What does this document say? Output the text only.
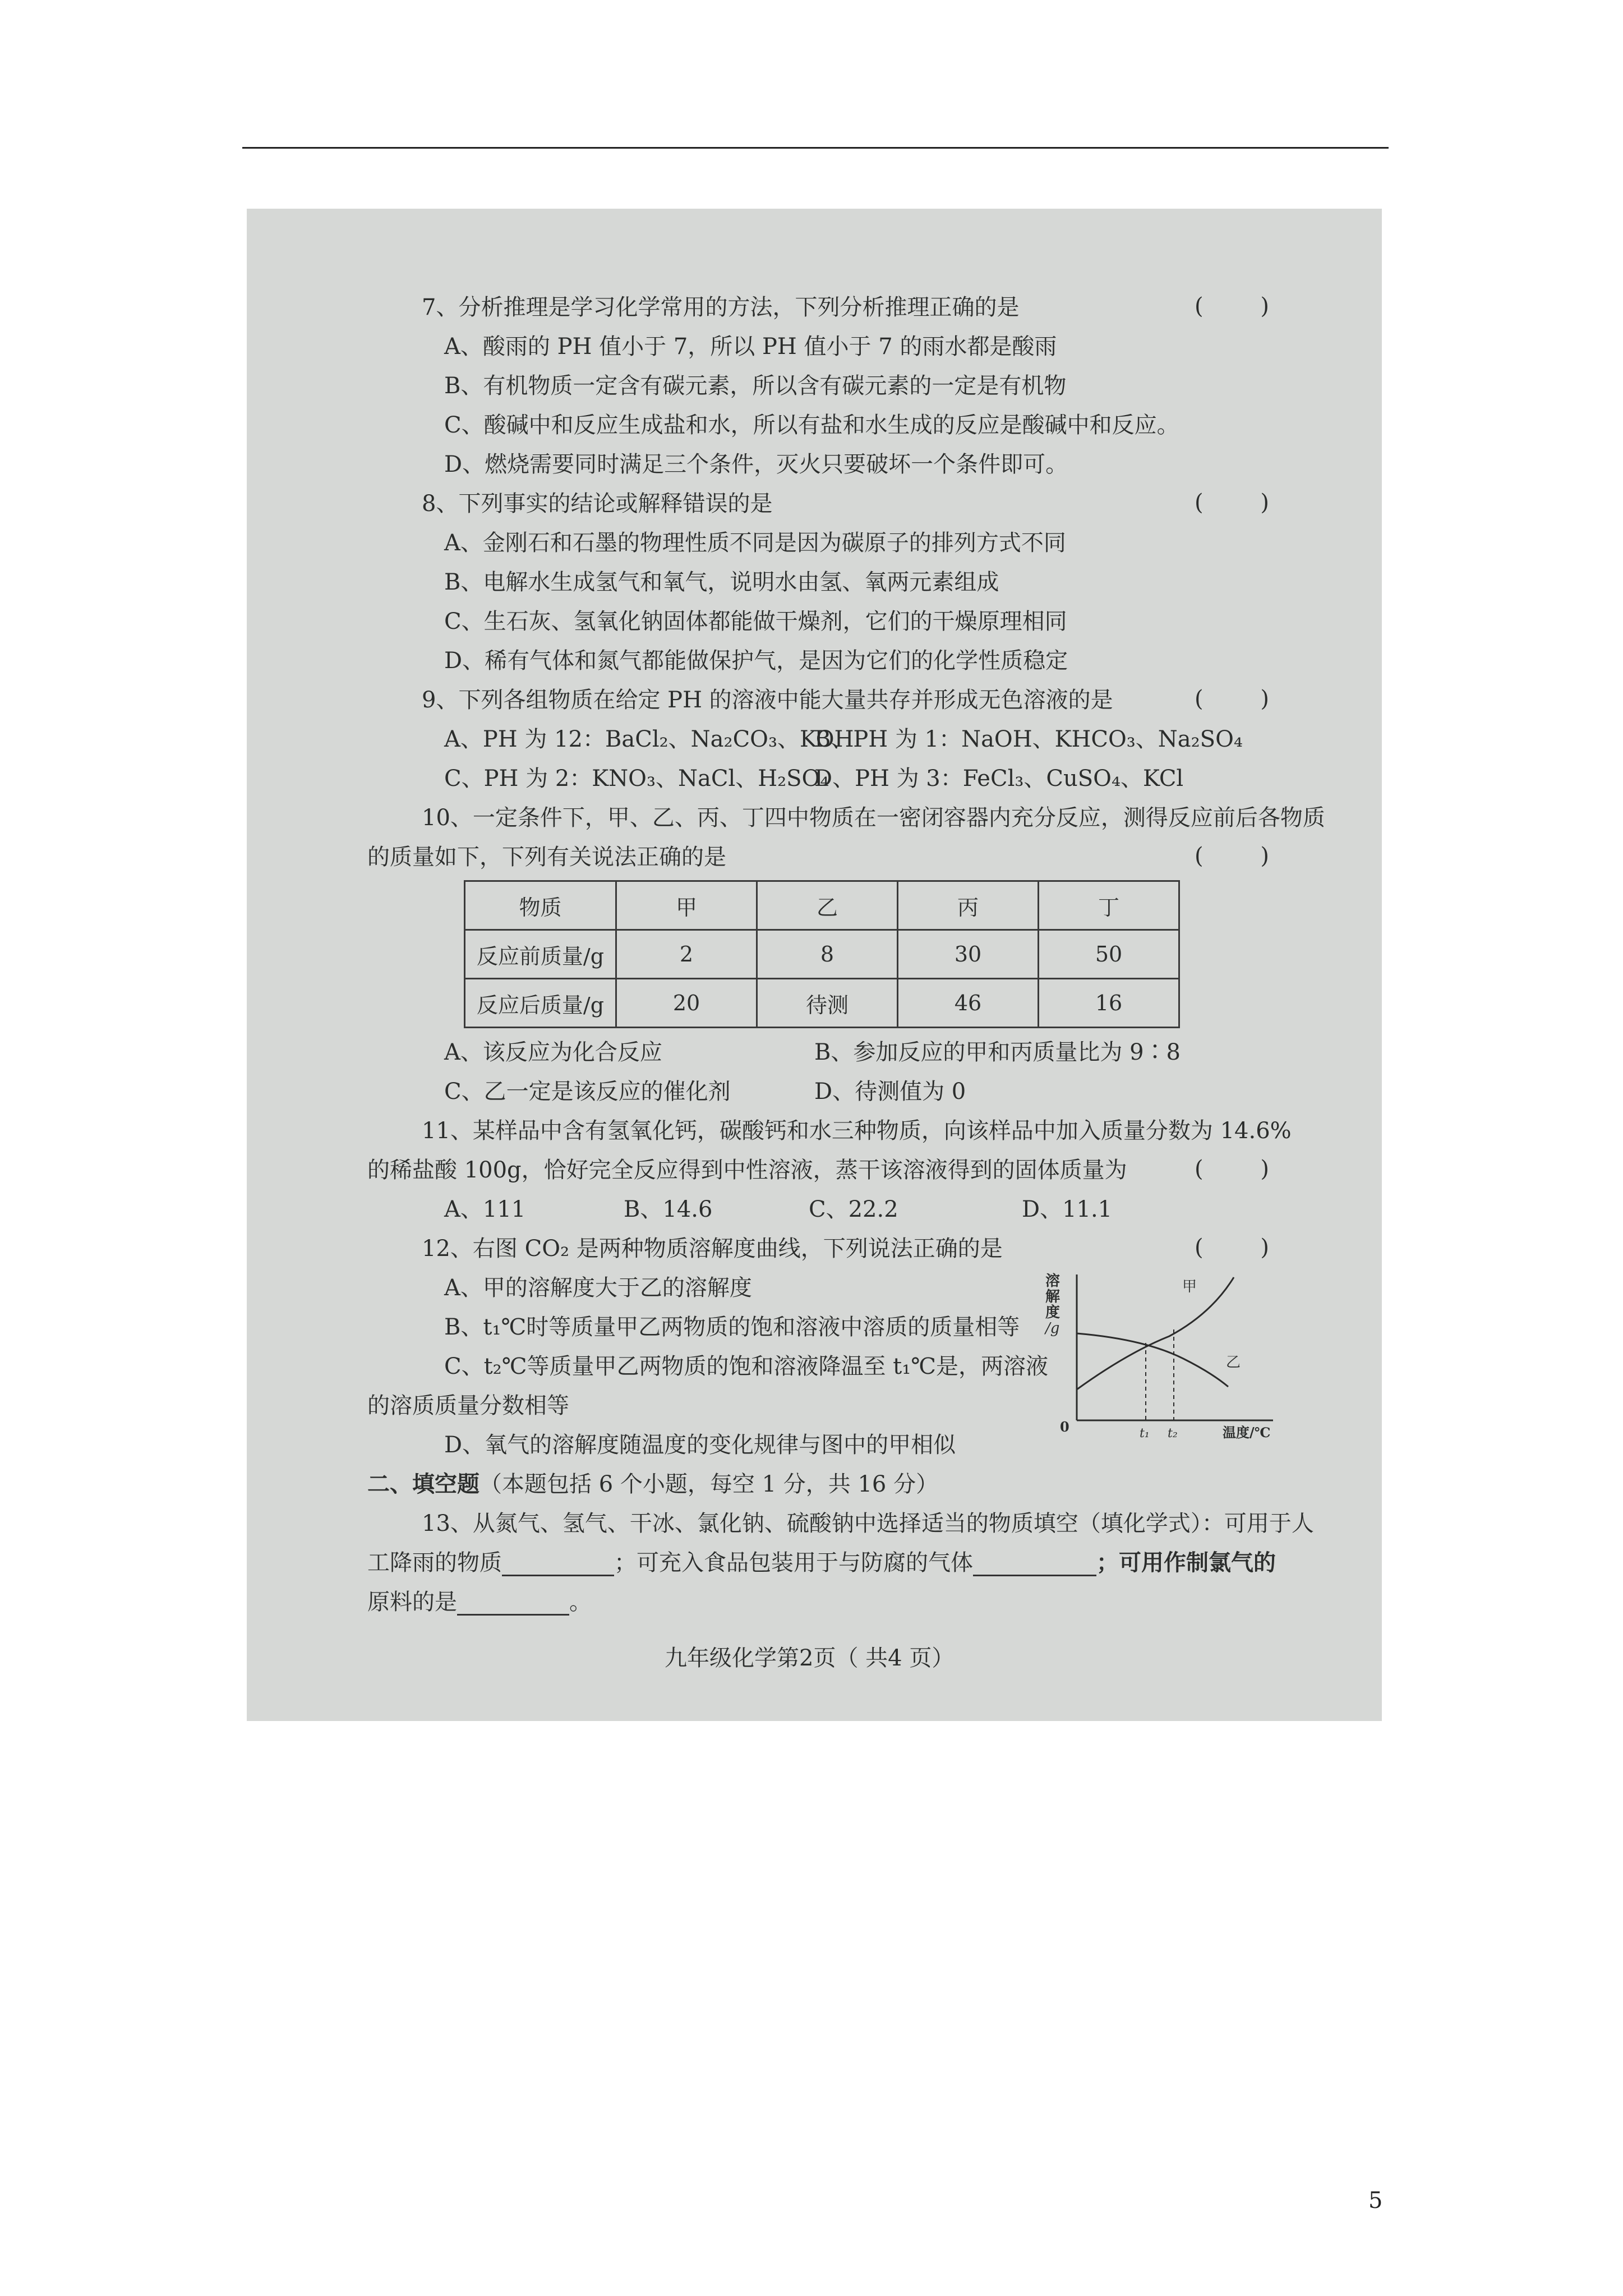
7、分析推理是学习化学常用的方法，下列分析推理正确的是	(        )
A、酸雨的 PH 值小于 7，所以 PH 值小于 7 的雨水都是酸雨
B、有机物质一定含有碳元素，所以含有碳元素的一定是有机物
C、酸碱中和反应生成盐和水，所以有盐和水生成的反应是酸碱中和反应。
D、燃烧需要同时满足三个条件，灭火只要破坏一个条件即可。
8、下列事实的结论或解释错误的是	(        )
A、金刚石和石墨的物理性质不同是因为碳原子的排列方式不同
B、电解水生成氢气和氧气，说明水由氢、氧两元素组成
C、生石灰、氢氧化钠固体都能做干燥剂，它们的干燥原理相同
D、稀有气体和氮气都能做保护气，是因为它们的化学性质稳定
9、下列各组物质在给定 PH 的溶液中能大量共存并形成无色溶液的是	(        )
A、PH 为 12：BaCl₂、Na₂CO₃、KOH
B、PH 为 1：NaOH、KHCO₃、Na₂SO₄
C、PH 为 2：KNO₃、NaCl、H₂SO₄
D、PH 为 3：FeCl₃、CuSO₄、KCl
10、一定条件下，甲、乙、丙、丁四中物质在一密闭容器内充分反应，测得反应前后各物质
的质量如下，下列有关说法正确的是	(        )
物质	甲	乙	丙	丁
反应前质量/g	2	8	30	50
反应后质量/g	20	待测	46	16
A、该反应为化合反应	B、参加反应的甲和丙质量比为 9∶8
C、乙一定是该反应的催化剂	D、待测值为 0
11、某样品中含有氢氧化钙，碳酸钙和水三种物质，向该样品中加入质量分数为 14.6%
的稀盐酸 100g，恰好完全反应得到中性溶液，蒸干该溶液得到的固体质量为	(        )
A、111	B、14.6	C、22.2	D、11.1
12、右图 CO₂ 是两种物质溶解度曲线，下列说法正确的是	(        )
A、甲的溶解度大于乙的溶解度
B、t₁℃时等质量甲乙两物质的饱和溶液中溶质的质量相等
C、t₂℃等质量甲乙两物质的饱和溶液降温至 t₁℃是，两溶液
的溶质质量分数相等
D、氧气的溶解度随温度的变化规律与图中的甲相似
溶
解
度
/g
甲
乙
0	t₁ t₂	温度/℃
二、填空题（本题包括 6 个小题，每空 1 分，共 16 分）
13、从氮气、氢气、干冰、氯化钠、硫酸钠中选择适当的物质填空（填化学式）：可用于人
工降雨的物质	；可充入食品包装用于与防腐的气体	；可用作制氯气的
原料的是	。
九年级化学第2页（ 共4 页）
5
